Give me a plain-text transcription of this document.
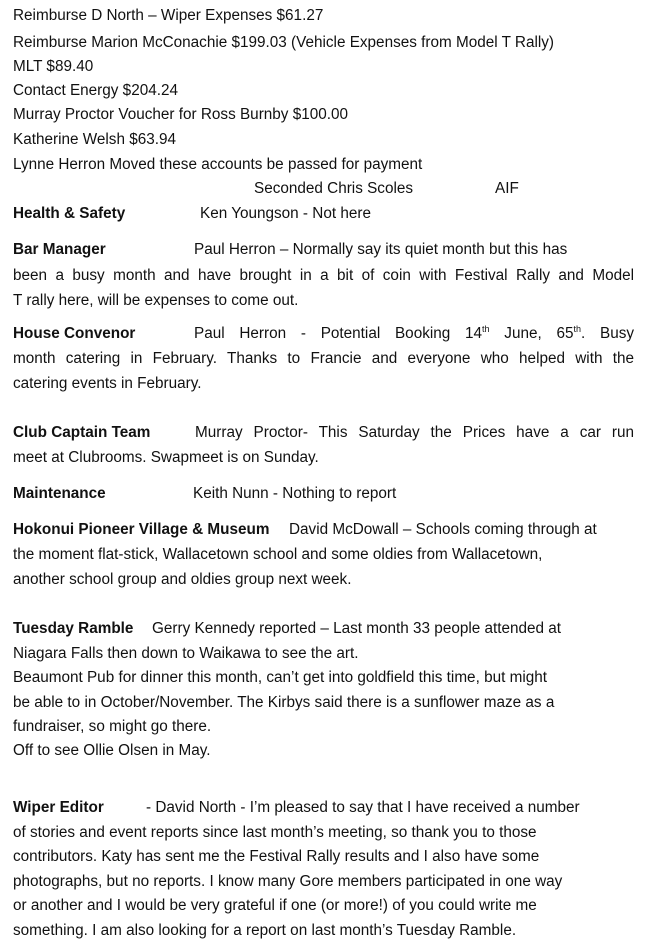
Reimburse D North – Wiper Expenses $61.27
Reimburse Marion McConachie $199.03 (Vehicle Expenses from Model T Rally)
MLT $89.40
Contact Energy $204.24
Murray Proctor Voucher for Ross Burnby $100.00
Katherine Welsh $63.94
Lynne Herron Moved these accounts be passed for payment
Seconded Chris Scoles	AIF
Health & Safety	Ken Youngson - Not here
Bar Manager	Paul Herron – Normally say its quiet month but this has
been a busy month and have brought in a bit of coin with Festival Rally and Model
T rally here, will be expenses to come out.
House Convenor	Paul Herron - Potential Booking 14th June, 65th. Busy
month catering in February. Thanks to Francie and everyone who helped with the
catering events in February.
Club Captain Team	Murray Proctor- This Saturday the Prices have a car run
meet at Clubrooms. Swapmeet is on Sunday.
Maintenance	Keith Nunn - Nothing to report
Hokonui Pioneer Village & Museum David McDowall – Schools coming through at
the moment flat-stick, Wallacetown school and some oldies from Wallacetown,
another school group and oldies group next week.
Tuesday Ramble Gerry Kennedy reported – Last month 33 people attended at
Niagara Falls then down to Waikawa to see the art.
Beaumont Pub for dinner this month, can’t get into goldfield this time, but might
be able to in October/November. The Kirbys said there is a sunflower maze as a
fundraiser, so might go there.
Off to see Ollie Olsen in May.
Wiper Editor	- David North - I’m pleased to say that I have received a number
of stories and event reports since last month’s meeting, so thank you to those
contributors. Katy has sent me the Festival Rally results and I also have some
photographs, but no reports. I know many Gore members participated in one way
or another and I would be very grateful if one (or more!) of you could write me
something. I am also looking for a report on last month’s Tuesday Ramble.
